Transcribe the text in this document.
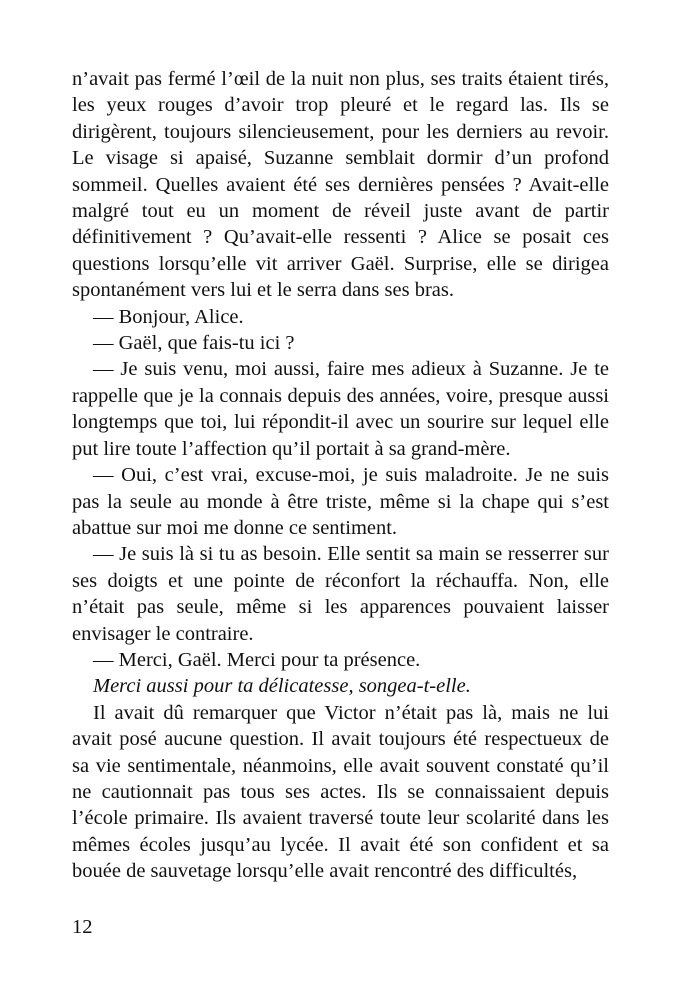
n’avait pas fermé l’œil de la nuit non plus, ses traits étaient tirés, les yeux rouges d’avoir trop pleuré et le regard las. Ils se dirigèrent, toujours silencieusement, pour les derniers au revoir. Le visage si apaisé, Suzanne semblait dormir d’un profond sommeil. Quelles avaient été ses dernières pensées ? Avait-elle malgré tout eu un moment de réveil juste avant de partir définitivement ? Qu’avait-elle ressenti ? Alice se posait ces questions lorsqu’elle vit arriver Gaël. Surprise, elle se dirigea spontanément vers lui et le serra dans ses bras.

— Bonjour, Alice.

— Gaël, que fais-tu ici ?

— Je suis venu, moi aussi, faire mes adieux à Suzanne. Je te rappelle que je la connais depuis des années, voire, presque aussi longtemps que toi, lui répondit-il avec un sourire sur lequel elle put lire toute l’affection qu’il portait à sa grand-mère.

— Oui, c’est vrai, excuse-moi, je suis maladroite. Je ne suis pas la seule au monde à être triste, même si la chape qui s’est abattue sur moi me donne ce sentiment.

— Je suis là si tu as besoin. Elle sentit sa main se resserrer sur ses doigts et une pointe de réconfort la réchauffa. Non, elle n’était pas seule, même si les apparences pouvaient laisser envisager le contraire.

— Merci, Gaël. Merci pour ta présence.

Merci aussi pour ta délicatesse, songea-t-elle.

Il avait dû remarquer que Victor n’était pas là, mais ne lui avait posé aucune question. Il avait toujours été respectueux de sa vie sentimentale, néanmoins, elle avait souvent constaté qu’il ne cautionnait pas tous ses actes. Ils se connaissaient depuis l’école primaire. Ils avaient traversé toute leur scolarité dans les mêmes écoles jusqu’au lycée. Il avait été son confident et sa bouée de sauvetage lorsqu’elle avait rencontré des difficultés,

12
